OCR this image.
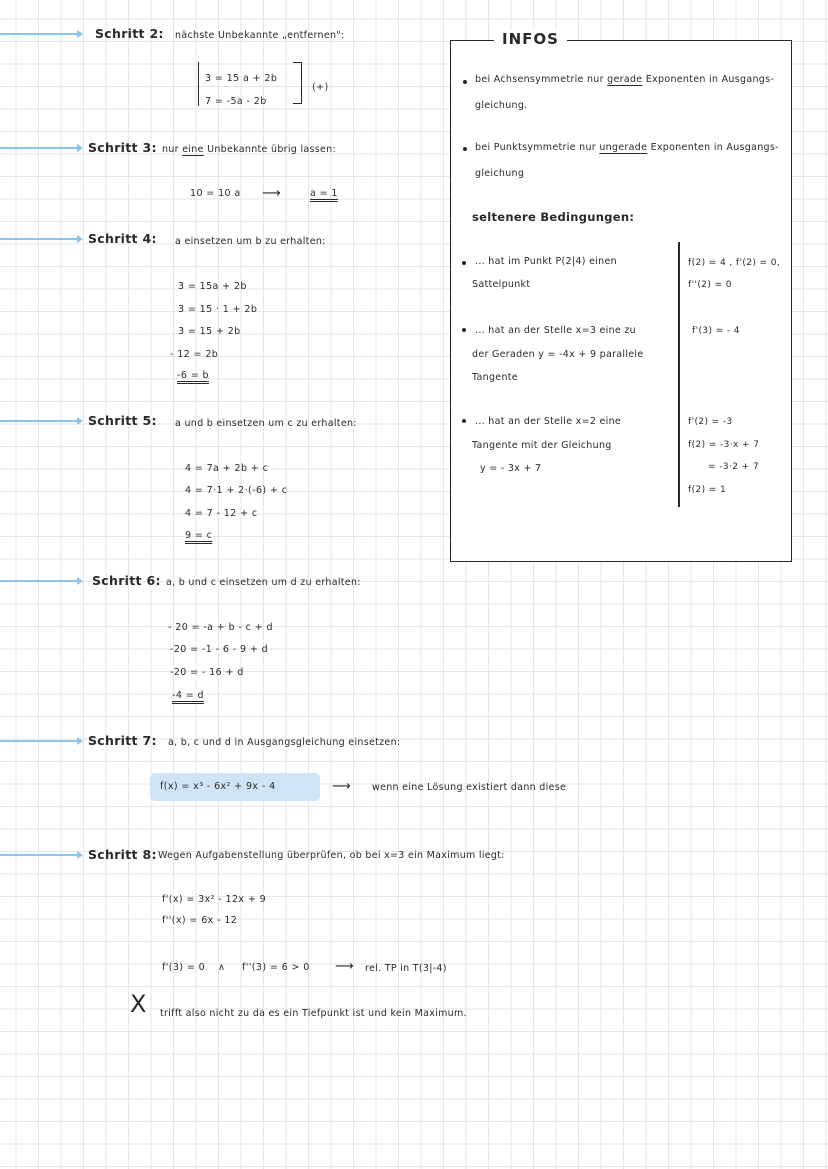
Schritt 2: nächste Unbekannte „entfernen":
3 = 15 a + 2b
7 = -5a - 2b
(+)
Schritt 3: nur eine Unbekannte übrig lassen:
10 = 10 a ⟶	a = 1
Schritt 4: a einsetzen um b zu erhalten:
3 = 15a + 2b
3 = 15 · 1 + 2b
3 = 15 + 2b
- 12 = 2b
-6 = b
Schritt 5: a und b einsetzen um c zu erhalten:
4 = 7a + 2b + c
4 = 7·1 + 2·(-6) + c
4 = 7 - 12 + c
9 = c
Schritt 6: a, b und c einsetzen um d zu erhalten:
- 20 = -a + b - c + d
-20 = -1 - 6 - 9 + d
-20 = - 16 + d
-4 = d
Schritt 7: a, b, c und d in Ausgangsgleichung einsetzen:
f(x) = x³ - 6x² + 9x - 4	⟶ wenn eine Lösung existiert dann diese
Schritt 8: Wegen Aufgabenstellung überprüfen, ob bei x=3 ein Maximum liegt:
f'(x) = 3x² - 12x + 9
f''(x) = 6x - 12
f'(3) = 0 ∧ f''(3) = 6 > 0 ⟶ rel. TP in T(3|-4)
X trifft also nicht zu da es ein Tiefpunkt ist und kein Maximum.
INFOS
bei Achsensymmetrie nur gerade Exponenten in Ausgangs-
gleichung.
bei Punktsymmetrie nur ungerade Exponenten in Ausgangs-
gleichung
seltenere Bedingungen:
... hat im Punkt P(2|4) einen
Sattelpunkt
f(2) = 4 , f'(2) = 0,
f''(2) = 0
... hat an der Stelle x=3 eine zu
der Geraden y = -4x + 9 parallele
Tangente
f'(3) = - 4
... hat an der Stelle x=2 eine
Tangente mit der Gleichung
y = - 3x + 7
f'(2) = -3
f(2) = -3·x + 7
= -3·2 + 7
f(2) = 1
